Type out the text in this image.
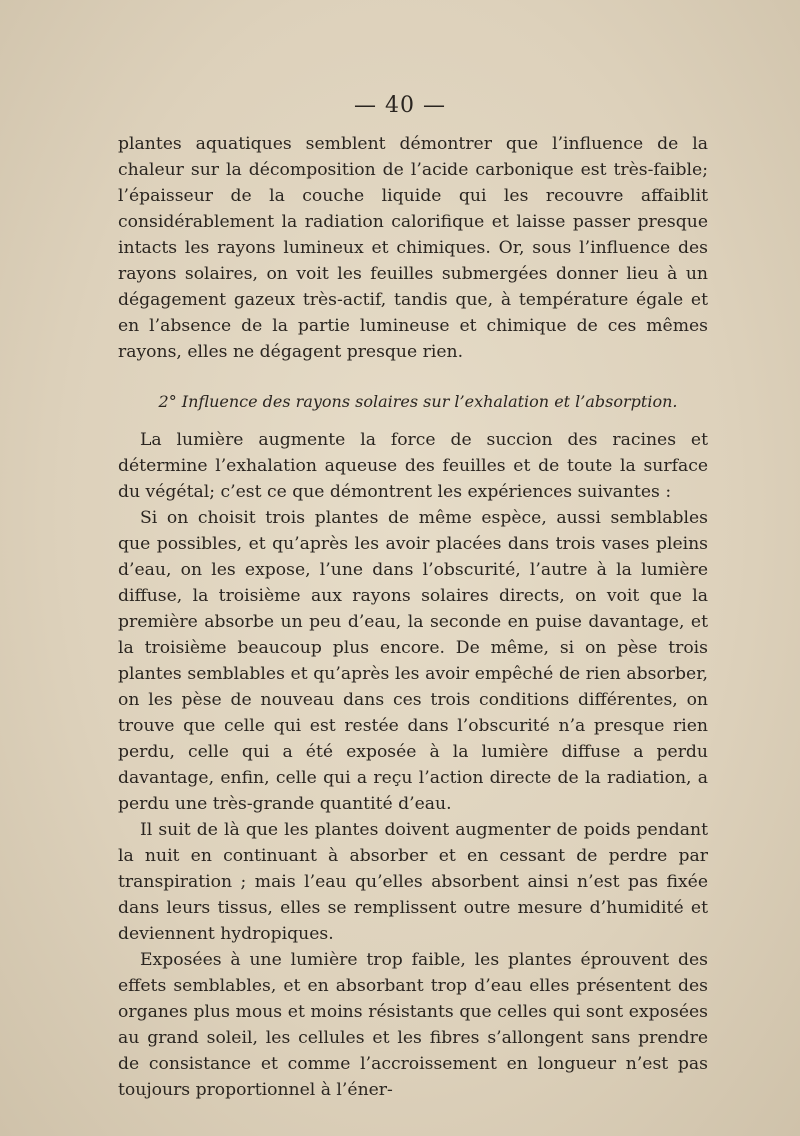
— 40 —

plantes aquatiques semblent démontrer que l’influence de la chaleur sur la décomposition de l’acide carbonique est très-faible; l’épaisseur de la couche liquide qui les recouvre affaiblit considérablement la radiation calorifique et laisse passer presque intacts les rayons lumineux et chimiques. Or, sous l’influence des rayons solaires, on voit les feuilles submergées donner lieu à un dégagement gazeux très-actif, tandis que, à température égale et en l’absence de la partie lumineuse et chimique de ces mêmes rayons, elles ne dégagent presque rien.

2° Influence des rayons solaires sur l’exhalation et l’absorption.

La lumière augmente la force de succion des racines et détermine l’exhalation aqueuse des feuilles et de toute la surface du végétal; c’est ce que démontrent les expériences suivantes :

Si on choisit trois plantes de même espèce, aussi semblables que possibles, et qu’après les avoir placées dans trois vases pleins d’eau, on les expose, l’une dans l’obscurité, l’autre à la lumière diffuse, la troisième aux rayons solaires directs, on voit que la première absorbe un peu d’eau, la seconde en puise davantage, et la troisième beaucoup plus encore. De même, si on pèse trois plantes semblables et qu’après les avoir empêché de rien absorber, on les pèse de nouveau dans ces trois conditions différentes, on trouve que celle qui est restée dans l’obscurité n’a presque rien perdu, celle qui a été exposée à la lumière diffuse a perdu davantage, enfin, celle qui a reçu l’action directe de la radiation, a perdu une très-grande quantité d’eau.

Il suit de là que les plantes doivent augmenter de poids pendant la nuit en continuant à absorber et en cessant de perdre par transpiration ; mais l’eau qu’elles absorbent ainsi n’est pas fixée dans leurs tissus, elles se remplissent outre mesure d’humidité et deviennent hydropiques.

Exposées à une lumière trop faible, les plantes éprouvent des effets semblables, et en absorbant trop d’eau elles présentent des organes plus mous et moins résistants que celles qui sont exposées au grand soleil, les cellules et les fibres s’allongent sans prendre de consistance et comme l’accroissement en longueur n’est pas toujours proportionnel à l’éner-
